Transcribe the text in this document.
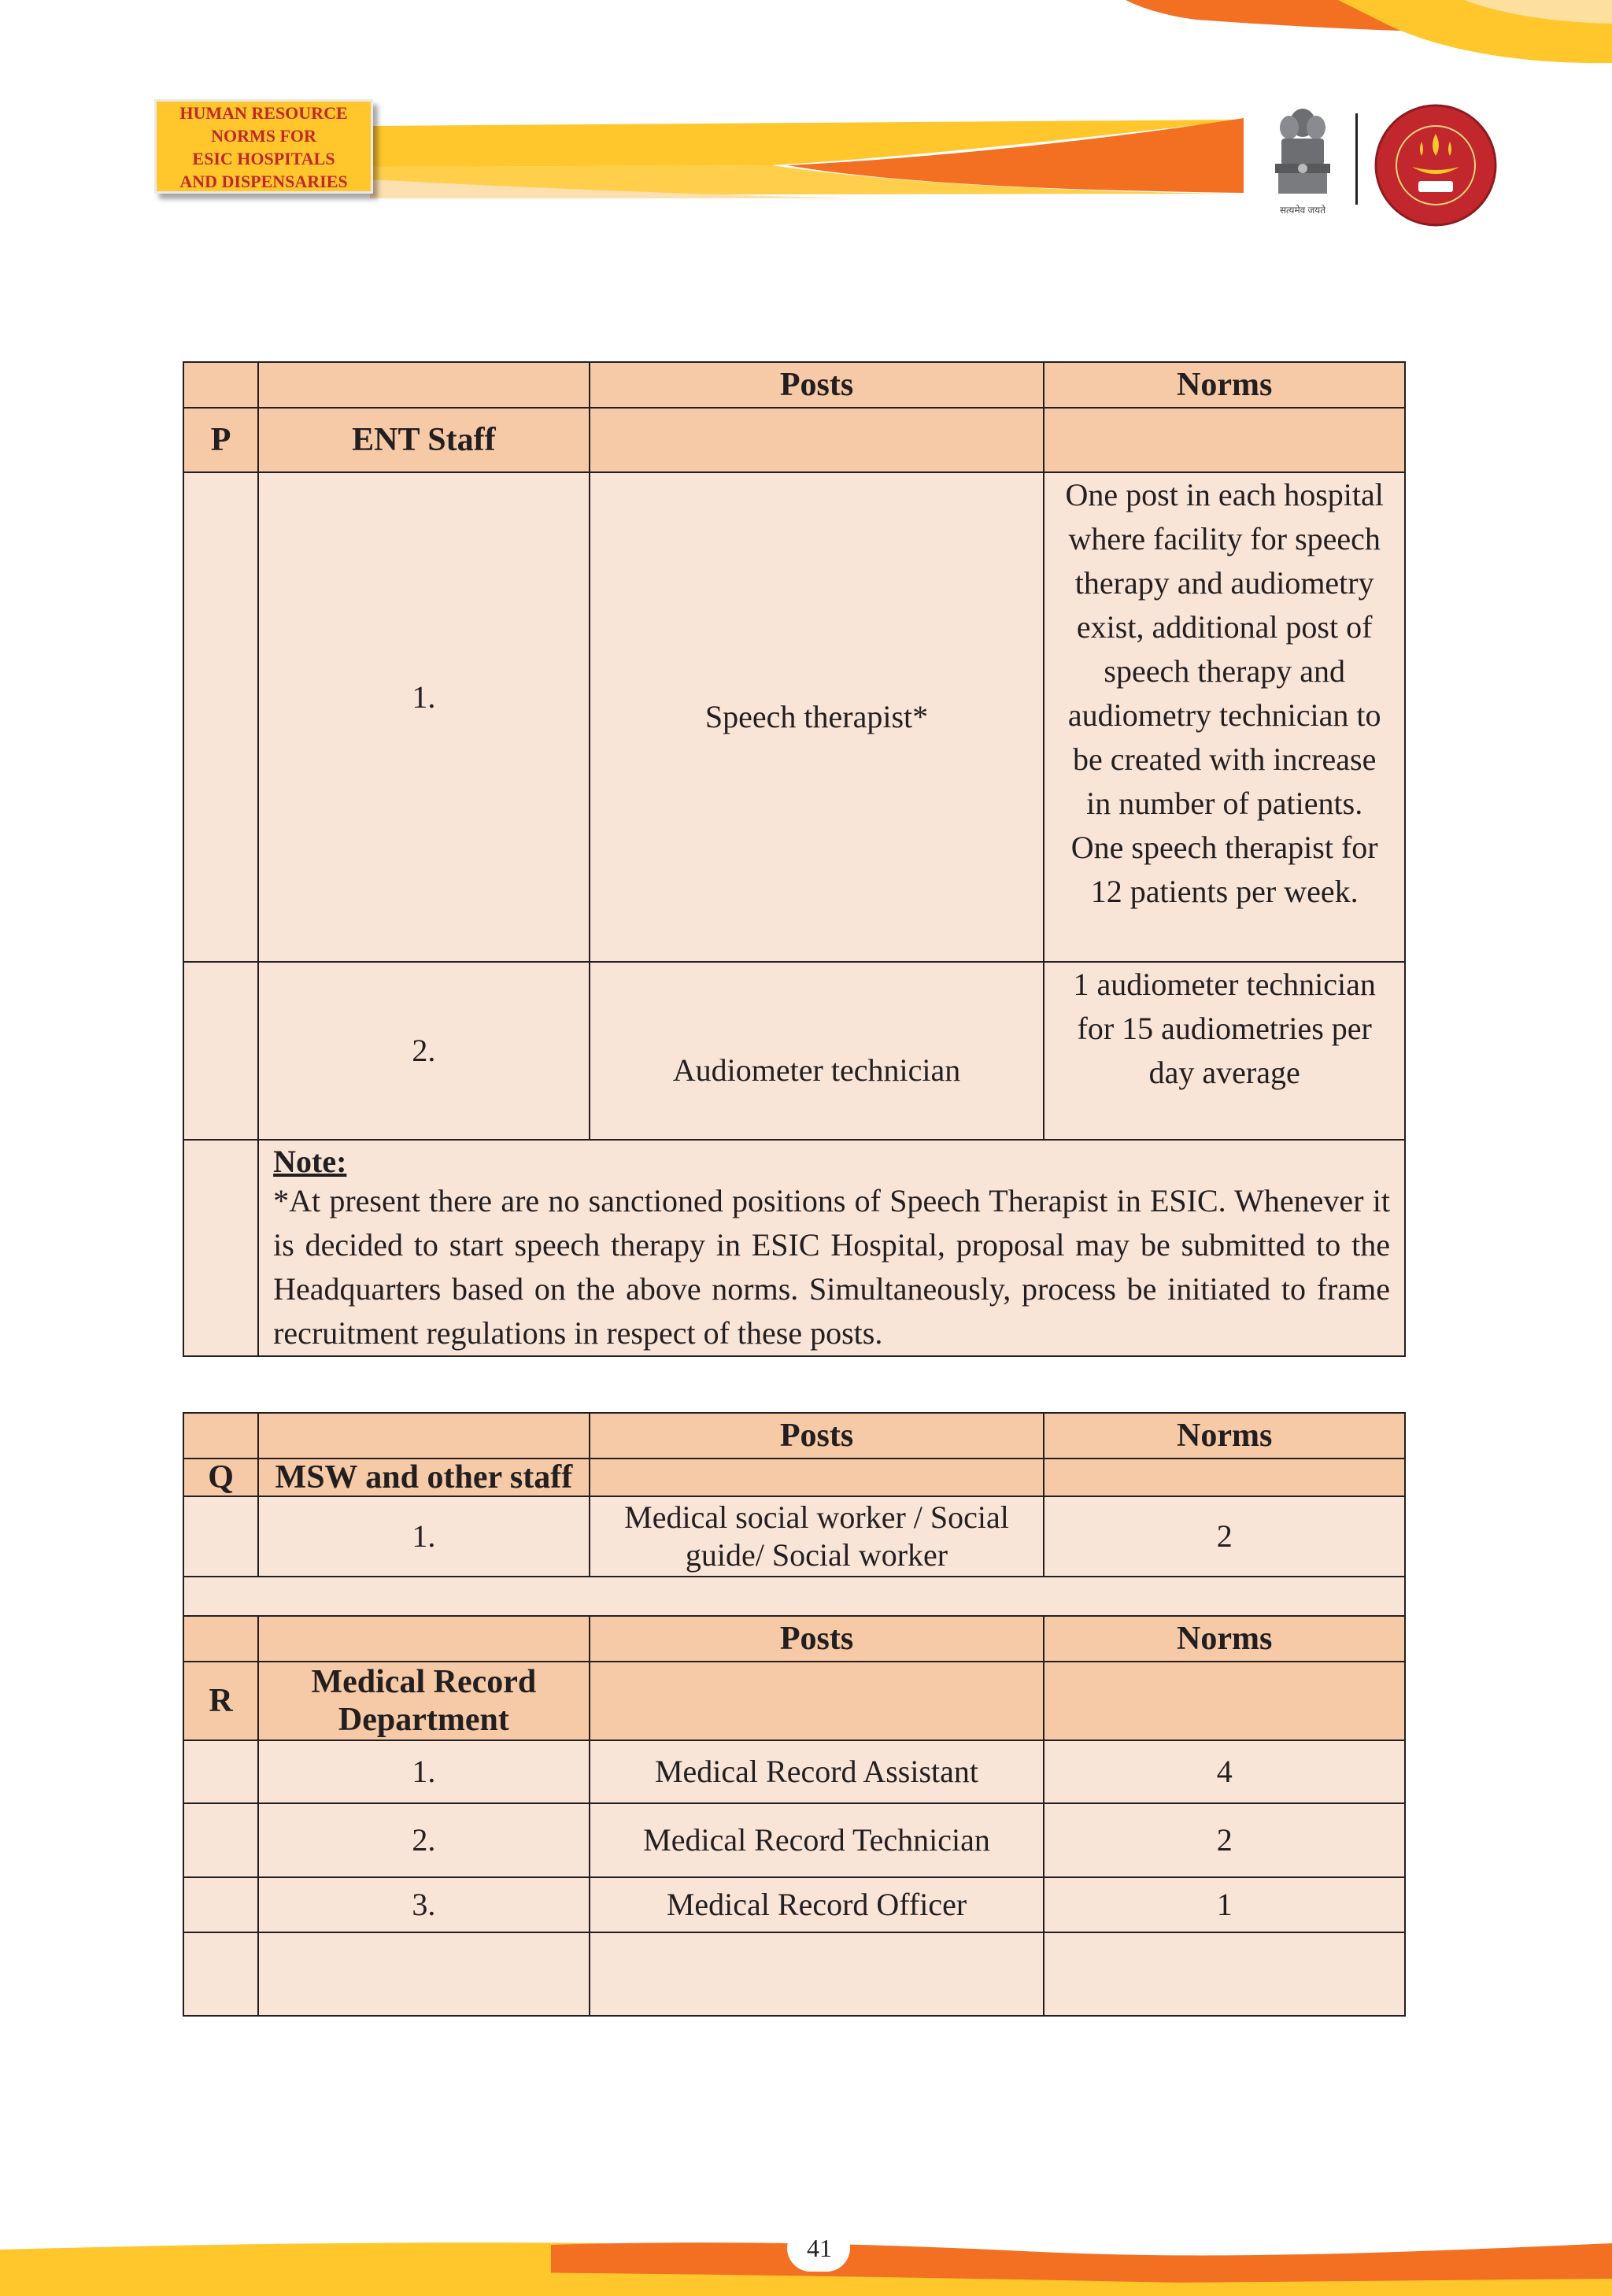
HUMAN RESOURCE
NORMS FOR
ESIC HOSPITALS
AND DISPENSARIES
सत्यमेव जयते
		Posts	Norms
P	ENT Staff		
	1.	Speech therapist*	One post in each hospital where facility for speech therapy and audiometry exist, additional post of speech therapy and audiometry technician to be created with increase in number of patients. One speech therapist for 12 patients per week.
	2.	Audiometer technician	1 audiometer technician for 15 audiometries per day average

	Note:
*At present there are no sanctioned positions of Speech Therapist in ESIC. Whenever it is decided to start speech therapy in ESIC Hospital, proposal may be submitted to the Headquarters based on the above norms. Simultaneously, process be initiated to frame recruitment regulations in respect of these posts.		
		Posts	Norms
Q	MSW and other staff		
	1.	Medical social worker / Social guide/ Social worker	2

		Posts	Norms
R	Medical Record Department		
	1.	Medical Record Assistant	4
	2.	Medical Record Technician	2
	3.	Medical Record Officer	1

41
